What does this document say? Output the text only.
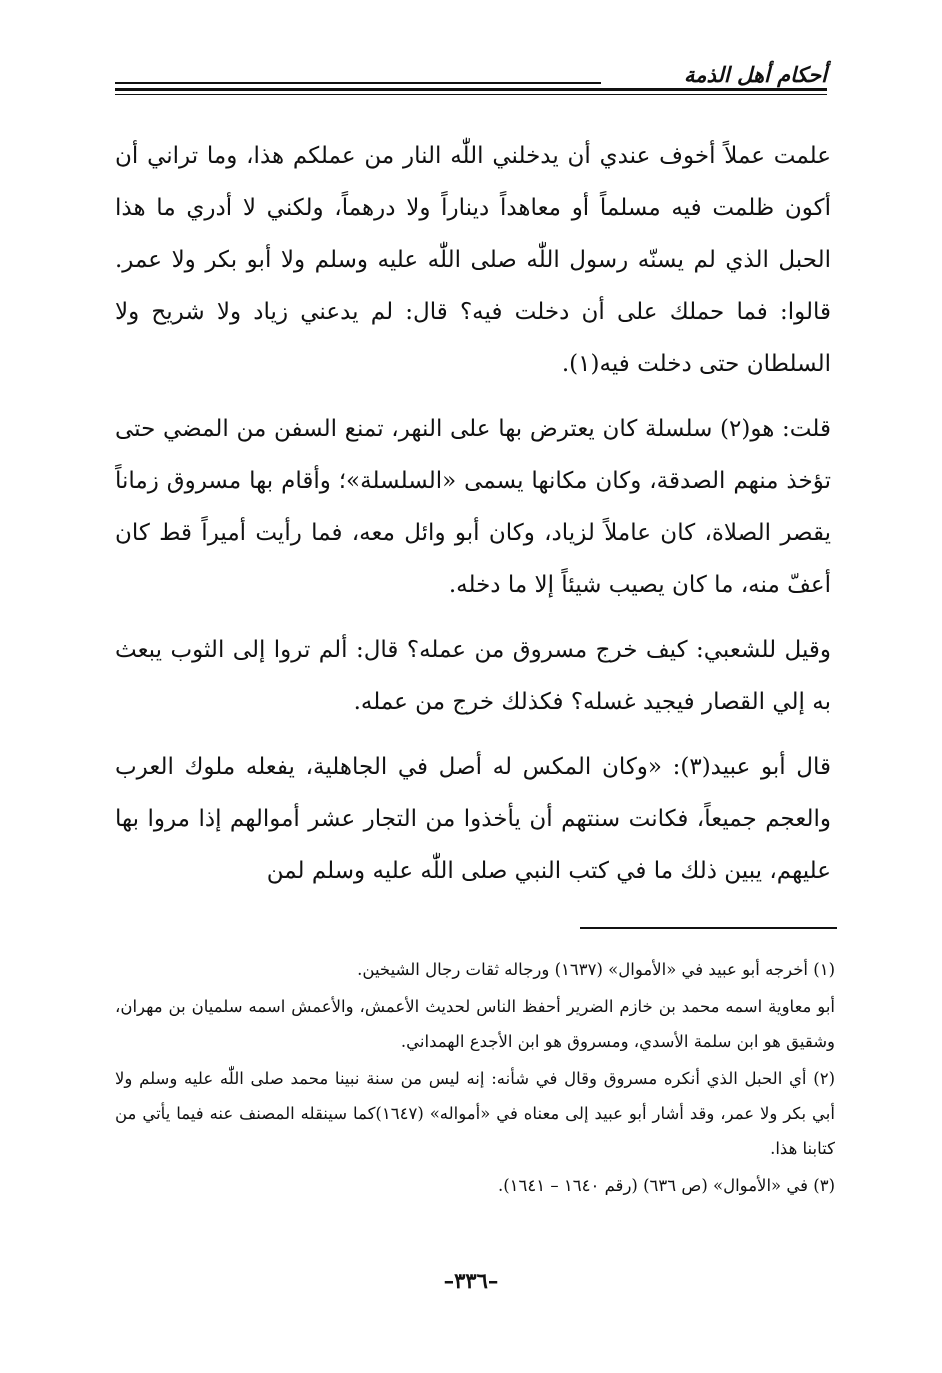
أحكام أهل الذمة

علمت عملاً أخوف عندي أن يدخلني اللّٰه النار من عملكم هذا، وما تراني أن أكون ظلمت فيه مسلماً أو معاهداً ديناراً ولا درهماً، ولكني لا أدري ما هذا الحبل الذي لم يسنّه رسول اللّٰه صلى اللّٰه عليه وسلم ولا أبو بكر ولا عمر. قالوا: فما حملك على أن دخلت فيه؟ قال: لم يدعني زياد ولا شريح ولا السلطان حتى دخلت فيه(١).

قلت: هو(٢) سلسلة كان يعترض بها على النهر، تمنع السفن من المضي حتى تؤخذ منهم الصدقة، وكان مكانها يسمى «السلسلة»؛ وأقام بها مسروق زماناً يقصر الصلاة، كان عاملاً لزياد، وكان أبو وائل معه، فما رأيت أميراً قط كان أعفّ منه، ما كان يصيب شيئاً إلا ما دخله.

وقيل للشعبي: كيف خرج مسروق من عمله؟ قال: ألم تروا إلى الثوب يبعث به إلي القصار فيجيد غسله؟ فكذلك خرج من عمله.

قال أبو عبيد(٣): «وكان المكس له أصل في الجاهلية، يفعله ملوك العرب والعجم جميعاً، فكانت سنتهم أن يأخذوا من التجار عشر أموالهم إذا مروا بها عليهم، يبين ذلك ما في كتب النبي صلى اللّٰه عليه وسلم لمن

(١) أخرجه أبو عبيد في «الأموال» (١٦٣٧) ورجاله ثقات رجال الشيخين.

أبو معاوية اسمه محمد بن خازم الضرير أحفظ الناس لحديث الأعمش، والأعمش اسمه سلميان بن مهران، وشقيق هو ابن سلمة الأسدي، ومسروق هو ابن الأجدع الهمداني.

(٢) أي الحبل الذي أنكره مسروق وقال في شأنه: إنه ليس من سنة نبينا محمد صلى اللّٰه عليه وسلم ولا أبي بكر ولا عمر، وقد أشار أبو عبيد إلى معناه في «أمواله» (١٦٤٧)كما سينقله المصنف عنه فيما يأتي من كتابنا هذا.

(٣) في «الأموال» (ص ٦٣٦) (رقم ١٦٤٠ – ١٦٤١).

–٣٣٦–
